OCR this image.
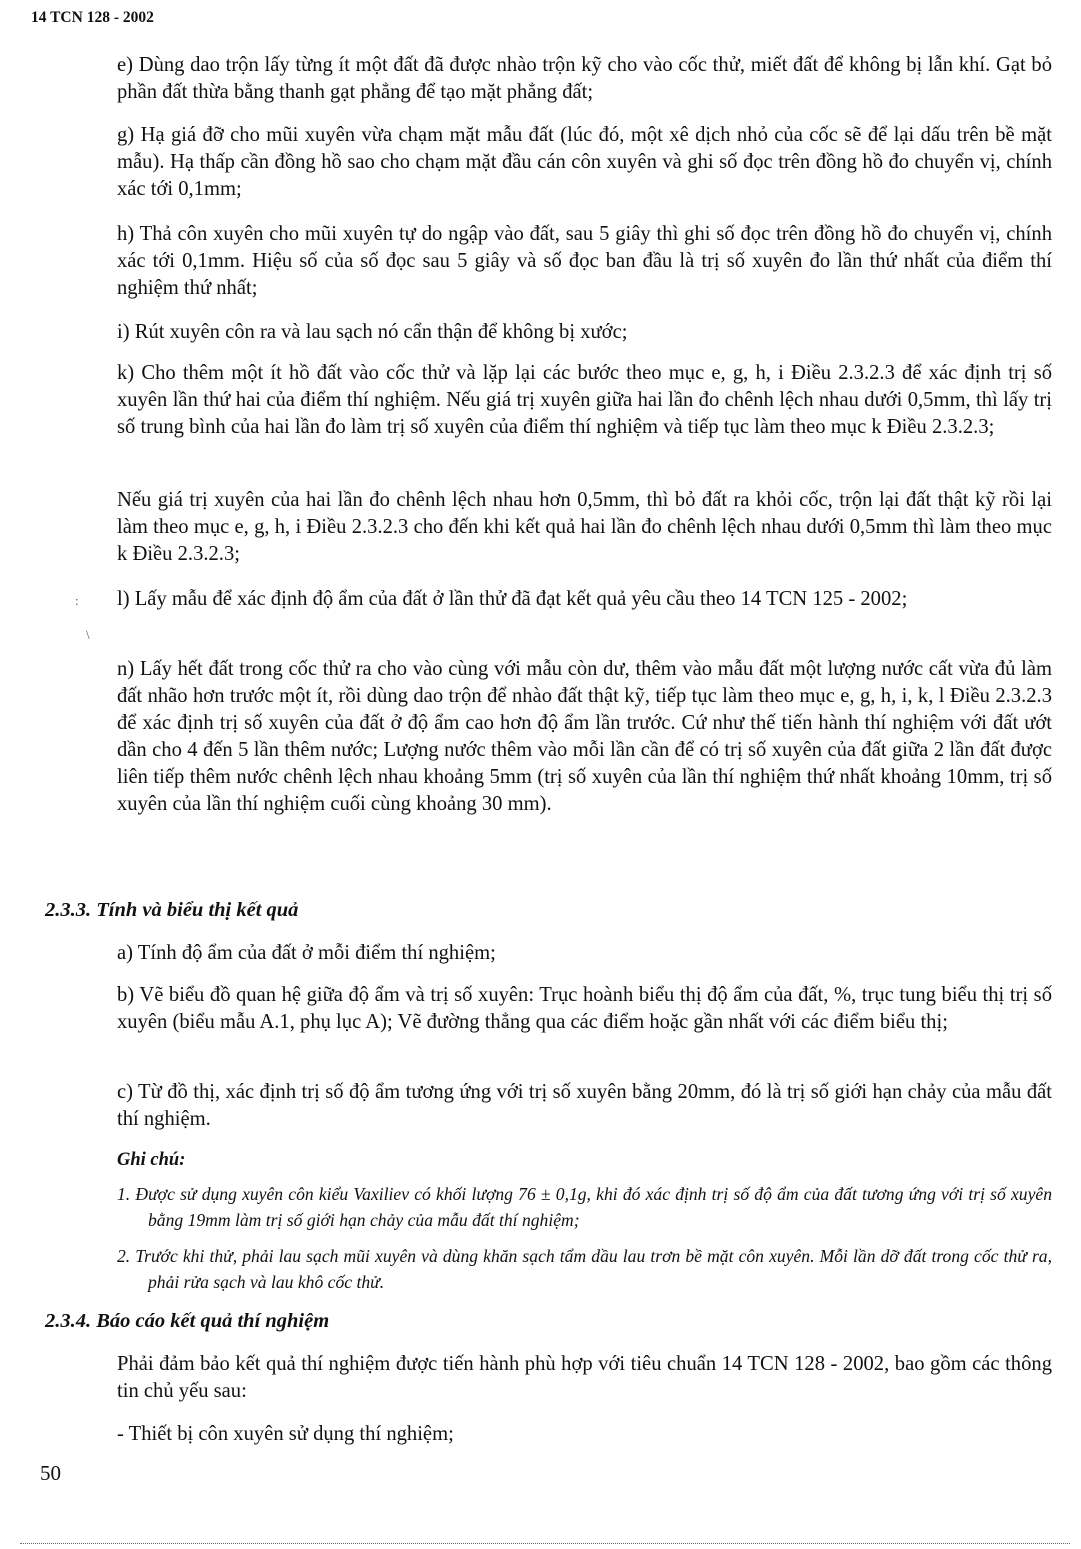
14 TCN 128 - 2002
e) Dùng dao trộn lấy từng ít một đất đã được nhào trộn kỹ cho vào cốc thử, miết đất để không bị lẫn khí. Gạt bỏ phần đất thừa bằng thanh gạt phẳng để tạo mặt phẳng đất;
g) Hạ giá đỡ cho mũi xuyên vừa chạm mặt mẫu đất (lúc đó, một xê dịch nhỏ của cốc sẽ để lại dấu trên bề mặt mẫu). Hạ thấp cần đồng hồ sao cho chạm mặt đầu cán côn xuyên và ghi số đọc trên đồng hồ đo chuyển vị, chính xác tới 0,1mm;
h) Thả côn xuyên cho mũi xuyên tự do ngập vào đất, sau 5 giây thì ghi số đọc trên đồng hồ đo chuyển vị, chính xác tới 0,1mm. Hiệu số của số đọc sau 5 giây và số đọc ban đầu là trị số xuyên đo lần thứ nhất của điểm thí nghiệm thứ nhất;
i) Rút xuyên côn ra và lau sạch nó cẩn thận để không bị xước;
k) Cho thêm một ít hồ đất vào cốc thử và lặp lại các bước theo mục e, g, h, i Điều 2.3.2.3 để xác định trị số xuyên lần thứ hai của điểm thí nghiệm. Nếu giá trị xuyên giữa hai lần đo chênh lệch nhau dưới 0,5mm, thì lấy trị số trung bình của hai lần đo làm trị số xuyên của điểm thí nghiệm và tiếp tục làm theo mục k Điều 2.3.2.3;
Nếu giá trị xuyên của hai lần đo chênh lệch nhau hơn 0,5mm, thì bỏ đất ra khỏi cốc, trộn lại đất thật kỹ rồi lại làm theo mục e, g, h, i Điều 2.3.2.3 cho đến khi kết quả hai lần đo chênh lệch nhau dưới 0,5mm thì làm theo mục k Điều 2.3.2.3;
l) Lấy mẫu để xác định độ ẩm của đất ở lần thử đã đạt kết quả yêu cầu theo 14 TCN 125 - 2002;
n) Lấy hết đất trong cốc thử ra cho vào cùng với mẫu còn dư, thêm vào mẫu đất một lượng nước cất vừa đủ làm đất nhão hơn trước một ít, rồi dùng dao trộn để nhào đất thật kỹ, tiếp tục làm theo mục e, g, h, i, k, l Điều 2.3.2.3 để xác định trị số xuyên của đất ở độ ẩm cao hơn độ ẩm lần trước. Cứ như thế tiến hành thí nghiệm với đất ướt dần cho 4 đến 5 lần thêm nước; Lượng nước thêm vào mỗi lần cần để có trị số xuyên của đất giữa 2 lần đất được liên tiếp thêm nước chênh lệch nhau khoảng 5mm (trị số xuyên của lần thí nghiệm thứ nhất khoảng 10mm, trị số xuyên của lần thí nghiệm cuối cùng khoảng 30 mm).
2.3.3. Tính và biểu thị kết quả
a) Tính độ ẩm của đất ở mỗi điểm thí nghiệm;
b) Vẽ biểu đồ quan hệ giữa độ ẩm và trị số xuyên: Trục hoành biểu thị độ ẩm của đất, %, trục tung biểu thị trị số xuyên (biểu mẫu A.1, phụ lục A); Vẽ đường thẳng qua các điểm hoặc gần nhất với các điểm biểu thị;
c) Từ đồ thị, xác định trị số độ ẩm tương ứng với trị số xuyên bằng 20mm, đó là trị số giới hạn chảy của mẫu đất thí nghiệm.
Ghi chú:
1. Được sử dụng xuyên côn kiểu Vaxiliev có khối lượng 76 ± 0,1g, khi đó xác định trị số độ ẩm của đất tương ứng với trị số xuyên bằng 19mm làm trị số giới hạn chảy của mẫu đất thí nghiệm;
2. Trước khi thử, phải lau sạch mũi xuyên và dùng khăn sạch tẩm dầu lau trơn bề mặt côn xuyên. Mỗi lần dỡ đất trong cốc thử ra, phải rửa sạch và lau khô cốc thử.
2.3.4. Báo cáo kết quả thí nghiệm
Phải đảm bảo kết quả thí nghiệm được tiến hành phù hợp với tiêu chuẩn 14 TCN 128 - 2002, bao gồm các thông tin chủ yếu sau:
- Thiết bị côn xuyên sử dụng thí nghiệm;
50
:
\
